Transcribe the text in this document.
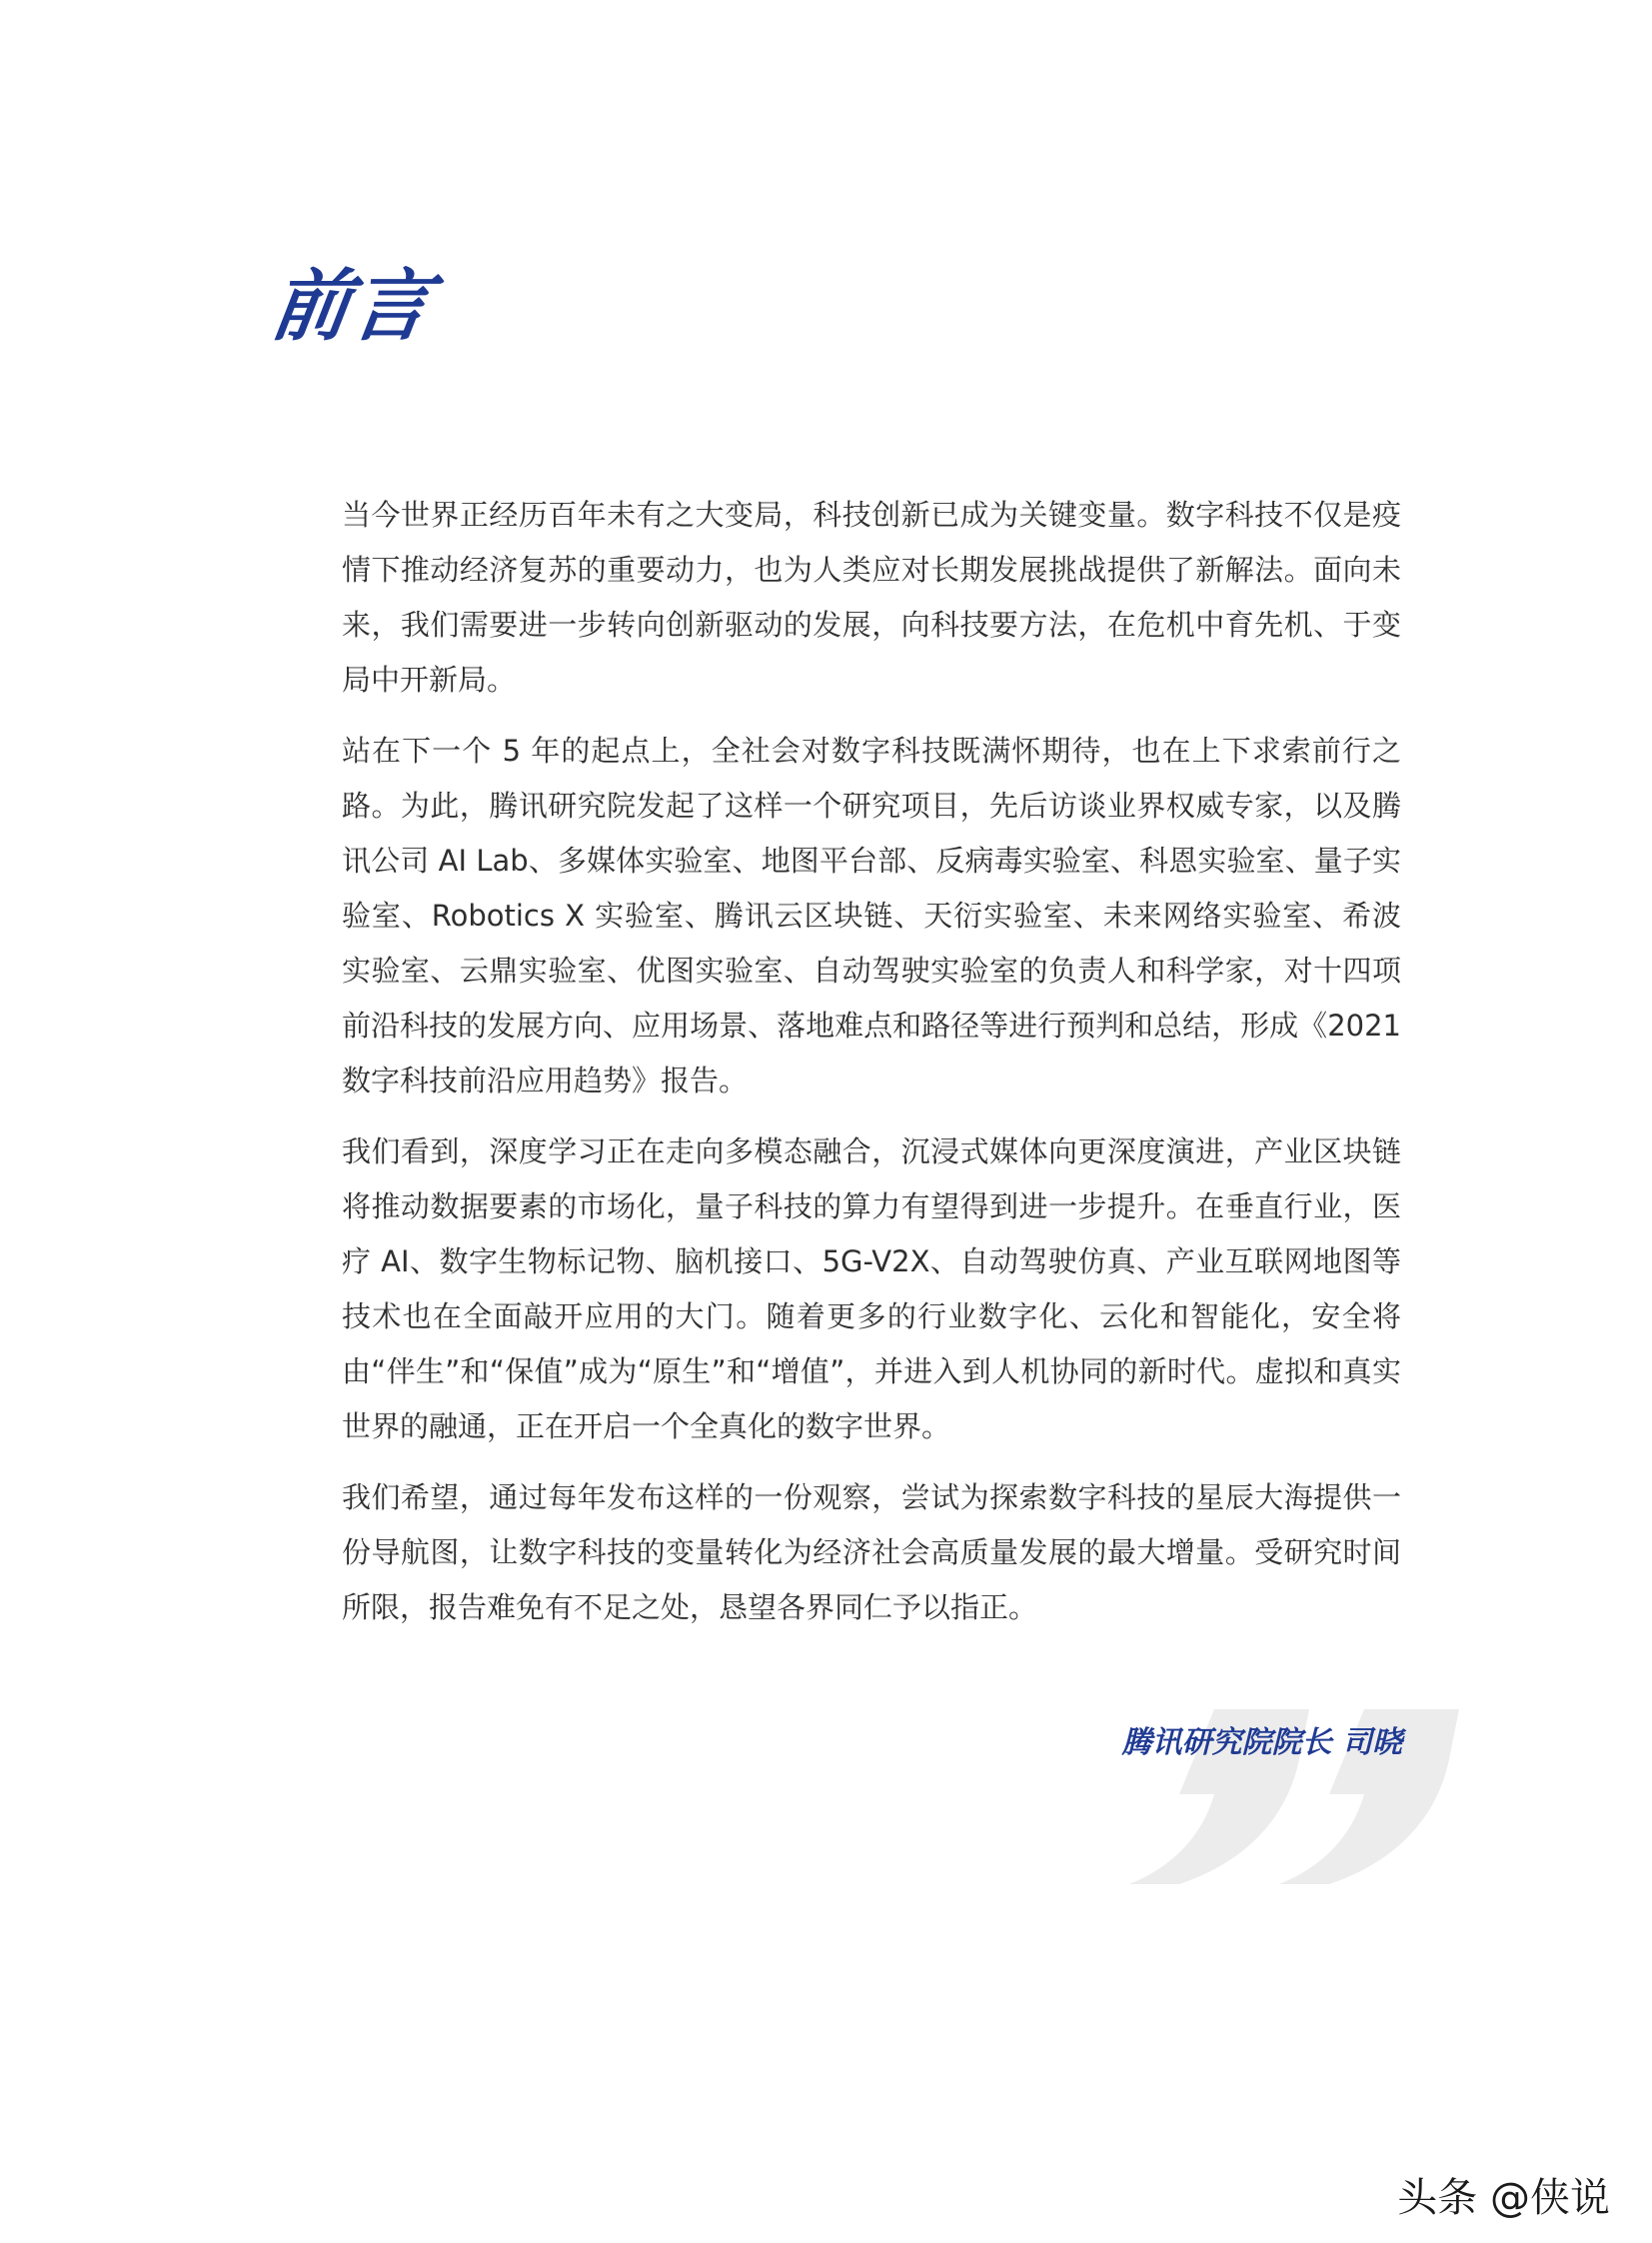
前言

当今世界正经历百年未有之大变局，科技创新已成为关键变量。数字科技不仅是疫情下推动经济复苏的重要动力，也为人类应对长期发展挑战提供了新解法。面向未来，我们需要进一步转向创新驱动的发展，向科技要方法，在危机中育先机、于变局中开新局。

站在下一个 5 年的起点上，全社会对数字科技既满怀期待，也在上下求索前行之路。为此，腾讯研究院发起了这样一个研究项目，先后访谈业界权威专家，以及腾讯公司 AI Lab、多媒体实验室、地图平台部、反病毒实验室、科恩实验室、量子实验室、Robotics X 实验室、腾讯云区块链、天衍实验室、未来网络实验室、希波实验室、云鼎实验室、优图实验室、自动驾驶实验室的负责人和科学家，对十四项前沿科技的发展方向、应用场景、落地难点和路径等进行预判和总结，形成《2021 数字科技前沿应用趋势》报告。

我们看到，深度学习正在走向多模态融合，沉浸式媒体向更深度演进，产业区块链将推动数据要素的市场化，量子科技的算力有望得到进一步提升。在垂直行业，医疗 AI、数字生物标记物、脑机接口、5G-V2X、自动驾驶仿真、产业互联网地图等技术也在全面敲开应用的大门。随着更多的行业数字化、云化和智能化，安全将由“伴生”和“保值”成为“原生”和“增值”，并进入到人机协同的新时代。虚拟和真实世界的融通，正在开启一个全真化的数字世界。

我们希望，通过每年发布这样的一份观察，尝试为探索数字科技的星辰大海提供一份导航图，让数字科技的变量转化为经济社会高质量发展的最大增量。受研究时间所限，报告难免有不足之处，恳望各界同仁予以指正。

腾讯研究院院长 司晓
头条 @侠说
